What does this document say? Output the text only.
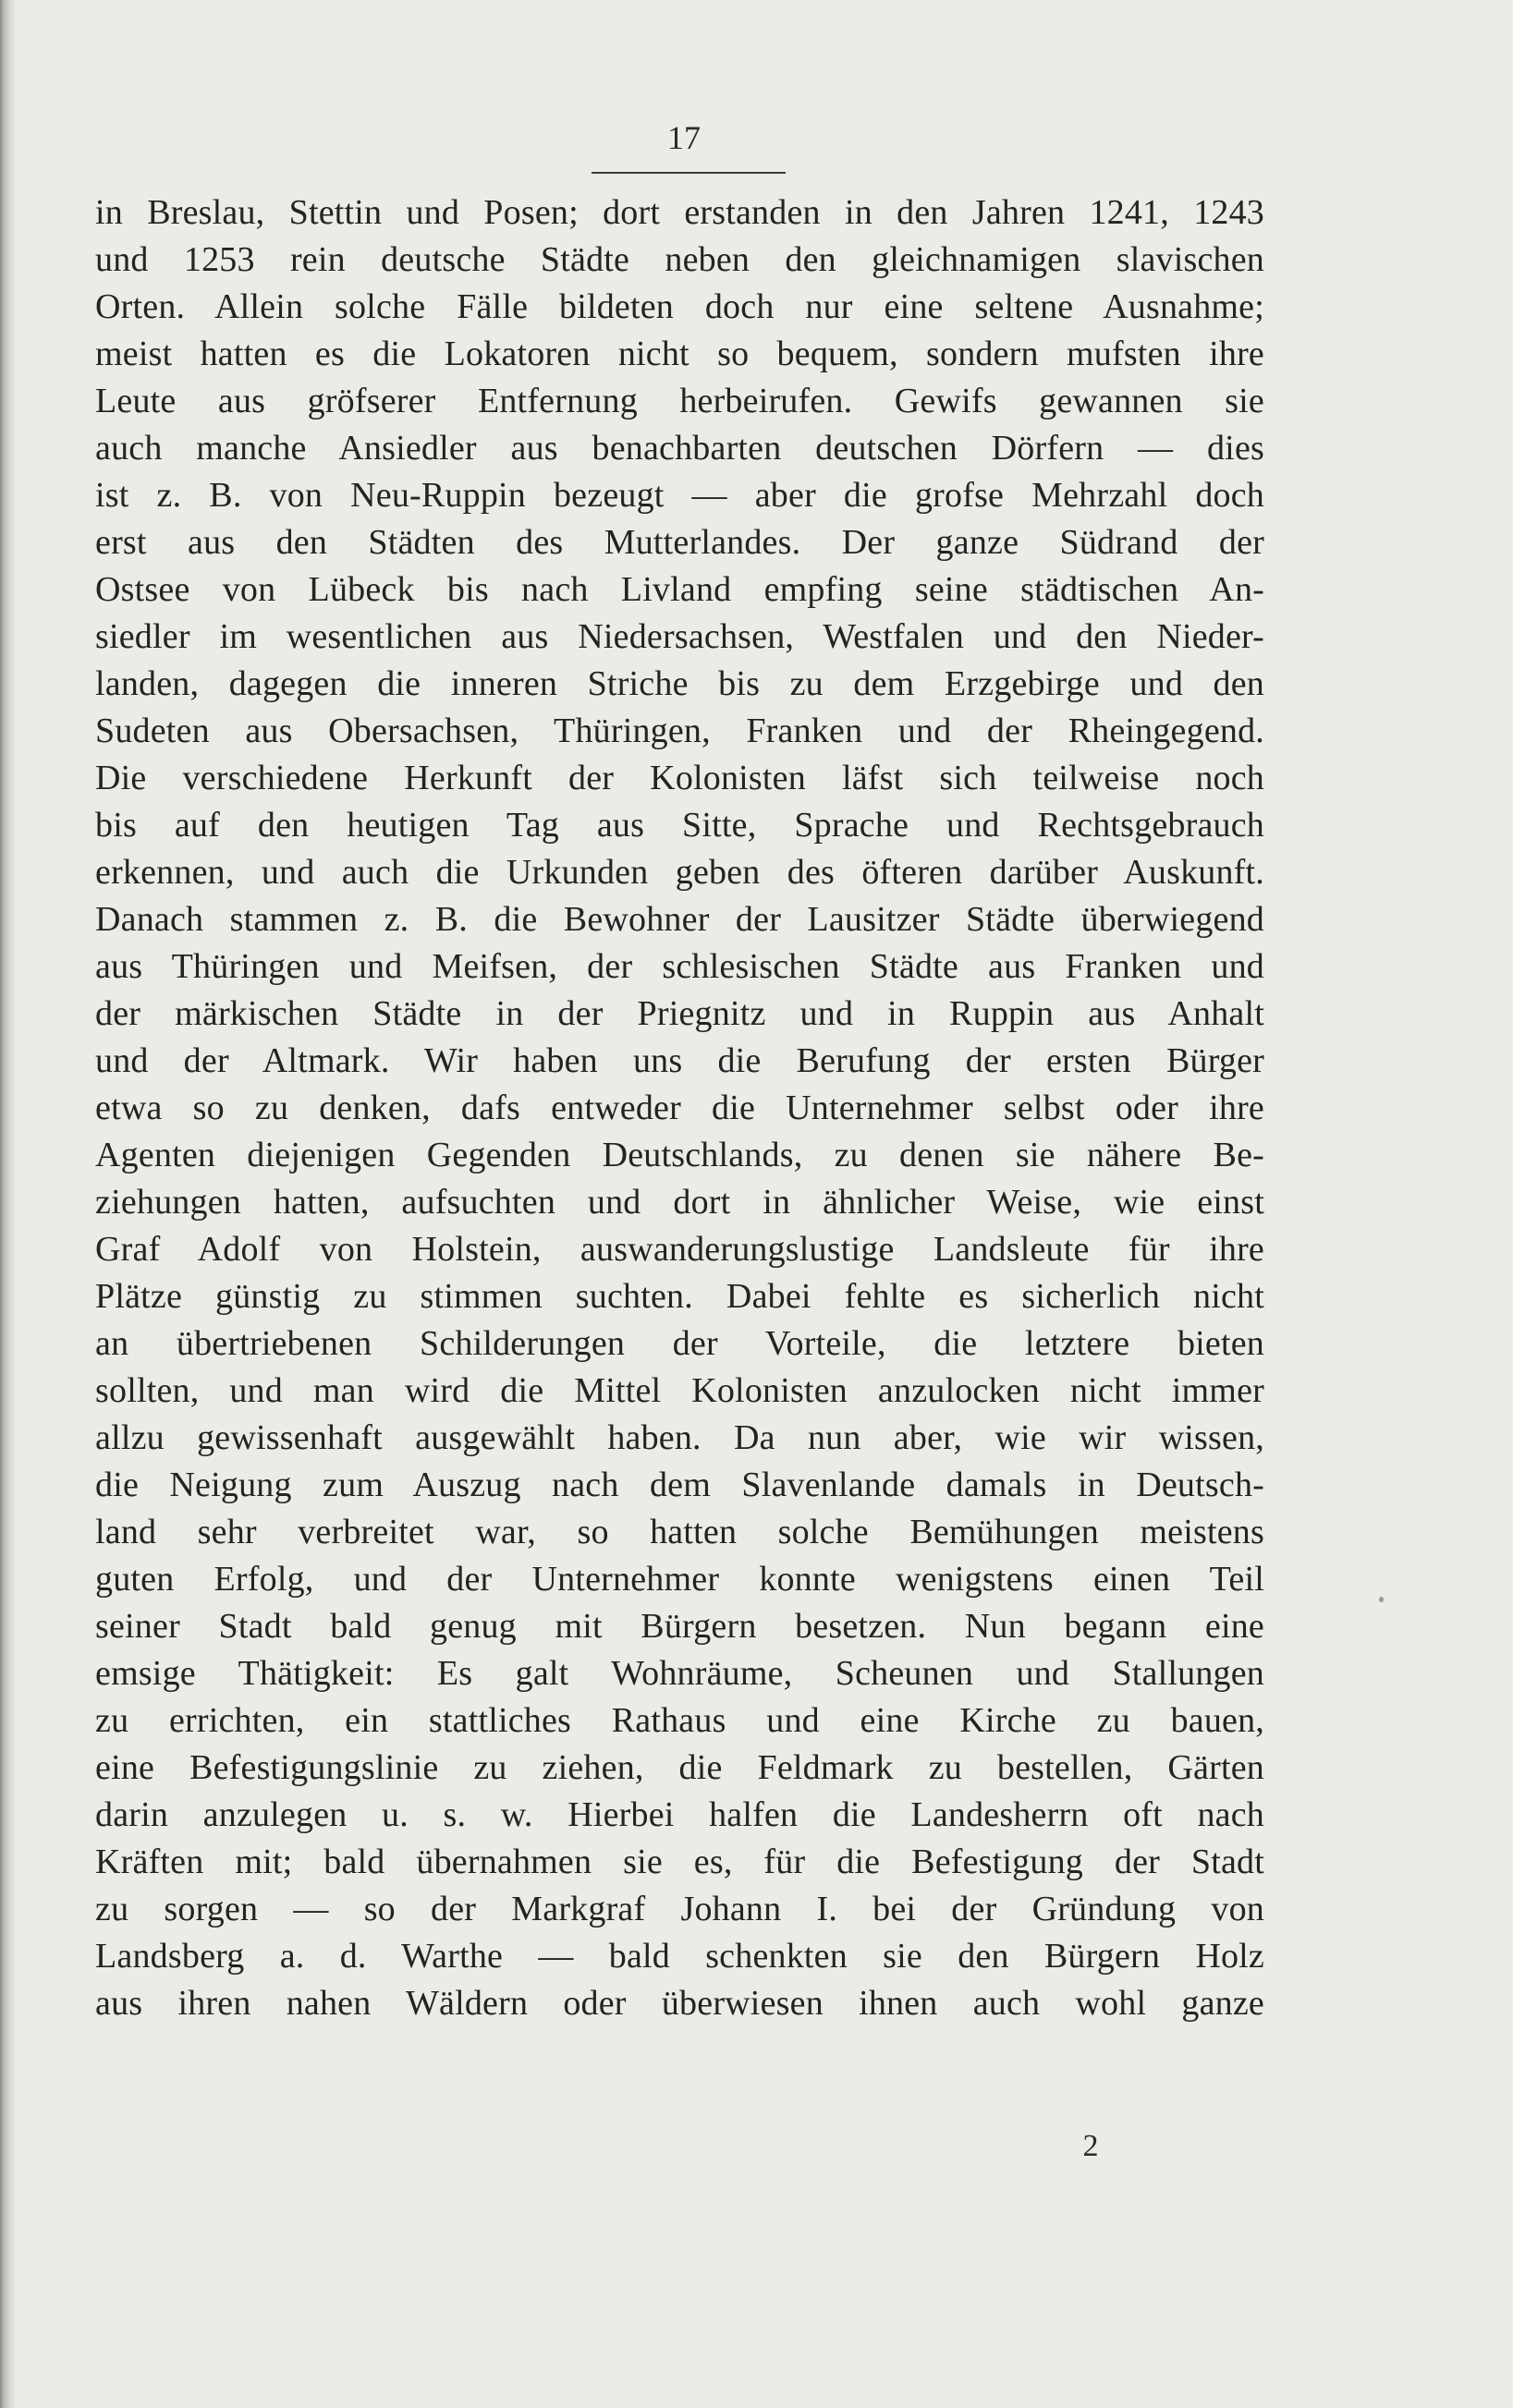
17

in Breslau, Stettin und Posen; dort erstanden in den Jahren 1241, 1243
und 1253 rein deutsche Städte neben den gleichnamigen slavischen
Orten. Allein solche Fälle bildeten doch nur eine seltene Ausnahme;
meist hatten es die Lokatoren nicht so bequem, sondern mufsten ihre
Leute aus gröfserer Entfernung herbeirufen. Gewifs gewannen sie
auch manche Ansiedler aus benachbarten deutschen Dörfern — dies
ist z. B. von Neu-Ruppin bezeugt — aber die grofse Mehrzahl doch
erst aus den Städten des Mutterlandes. Der ganze Südrand der
Ostsee von Lübeck bis nach Livland empfing seine städtischen An-
siedler im wesentlichen aus Niedersachsen, Westfalen und den Nieder-
landen, dagegen die inneren Striche bis zu dem Erzgebirge und den
Sudeten aus Obersachsen, Thüringen, Franken und der Rheingegend.
Die verschiedene Herkunft der Kolonisten läfst sich teilweise noch
bis auf den heutigen Tag aus Sitte, Sprache und Rechtsgebrauch
erkennen, und auch die Urkunden geben des öfteren darüber Auskunft.
Danach stammen z. B. die Bewohner der Lausitzer Städte überwiegend
aus Thüringen und Meifsen, der schlesischen Städte aus Franken und
der märkischen Städte in der Priegnitz und in Ruppin aus Anhalt
und der Altmark. Wir haben uns die Berufung der ersten Bürger
etwa so zu denken, dafs entweder die Unternehmer selbst oder ihre
Agenten diejenigen Gegenden Deutschlands, zu denen sie nähere Be-
ziehungen hatten, aufsuchten und dort in ähnlicher Weise, wie einst
Graf Adolf von Holstein, auswanderungslustige Landsleute für ihre
Plätze günstig zu stimmen suchten. Dabei fehlte es sicherlich nicht
an übertriebenen Schilderungen der Vorteile, die letztere bieten
sollten, und man wird die Mittel Kolonisten anzulocken nicht immer
allzu gewissenhaft ausgewählt haben. Da nun aber, wie wir wissen,
die Neigung zum Auszug nach dem Slavenlande damals in Deutsch-
land sehr verbreitet war, so hatten solche Bemühungen meistens
guten Erfolg, und der Unternehmer konnte wenigstens einen Teil
seiner Stadt bald genug mit Bürgern besetzen. Nun begann eine
emsige Thätigkeit: Es galt Wohnräume, Scheunen und Stallungen
zu errichten, ein stattliches Rathaus und eine Kirche zu bauen,
eine Befestigungslinie zu ziehen, die Feldmark zu bestellen, Gärten
darin anzulegen u. s. w. Hierbei halfen die Landesherrn oft nach
Kräften mit; bald übernahmen sie es, für die Befestigung der Stadt
zu sorgen — so der Markgraf Johann I. bei der Gründung von
Landsberg a. d. Warthe — bald schenkten sie den Bürgern Holz
aus ihren nahen Wäldern oder überwiesen ihnen auch wohl ganze

2
